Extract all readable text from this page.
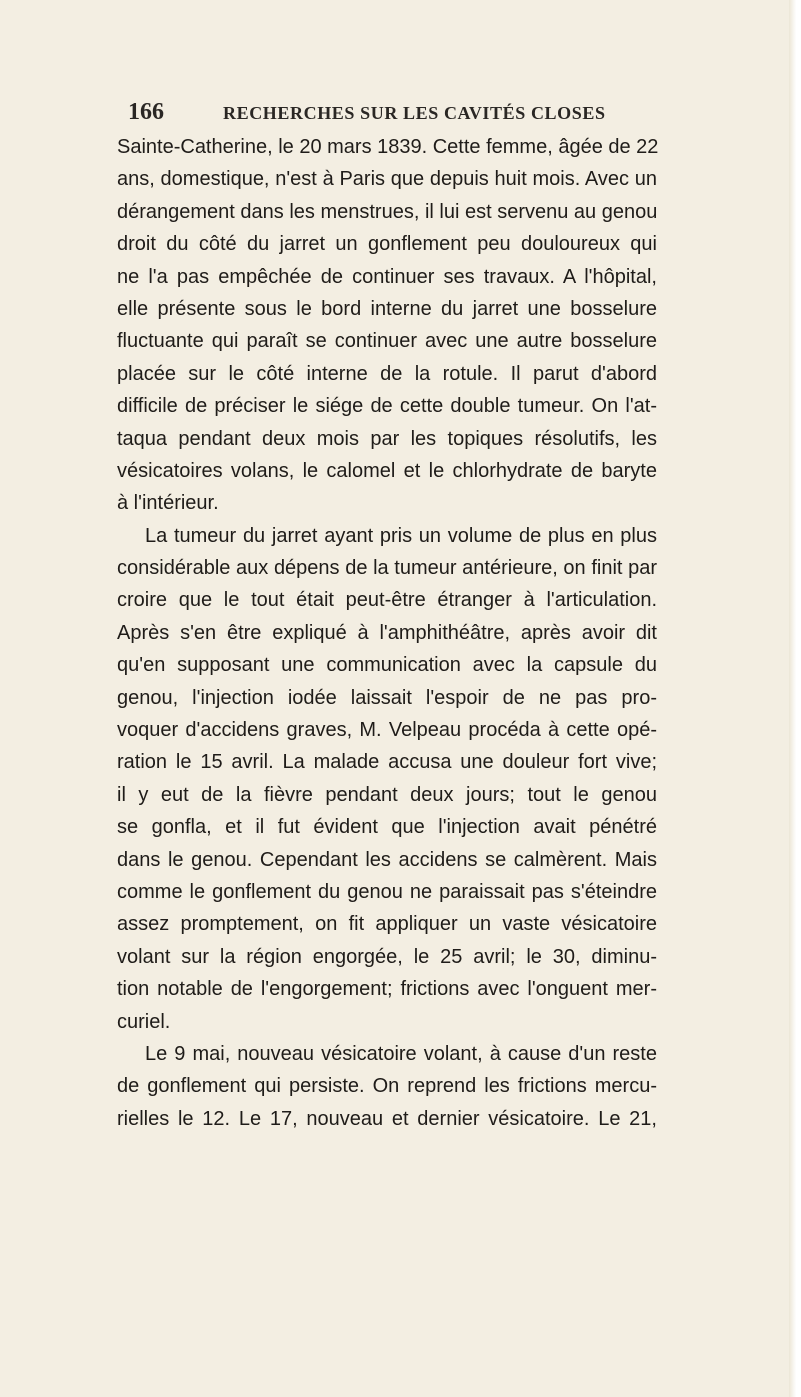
166	RECHERCHES SUR LES CAVITÉS CLOSES
Sainte-Catherine, le 20 mars 1839. Cette femme, âgée de 22
ans, domestique, n'est à Paris que depuis huit mois. Avec un
dérangement dans les menstrues, il lui est servenu au genou
droit du côté du jarret un gonflement peu douloureux qui
ne l'a pas empêchée de continuer ses travaux. A l'hôpital,
elle présente sous le bord interne du jarret une bosselure
fluctuante qui paraît se continuer avec une autre bosselure
placée sur le côté interne de la rotule. Il parut d'abord
difficile de préciser le siége de cette double tumeur. On l'at-
taqua pendant deux mois par les topiques résolutifs, les
vésicatoires volans, le calomel et le chlorhydrate de baryte
à l'intérieur.
La tumeur du jarret ayant pris un volume de plus en plus
considérable aux dépens de la tumeur antérieure, on finit par
croire que le tout était peut-être étranger à l'articulation.
Après s'en être expliqué à l'amphithéâtre, après avoir dit
qu'en supposant une communication avec la capsule du
genou, l'injection iodée laissait l'espoir de ne pas pro-
voquer d'accidens graves, M. Velpeau procéda à cette opé-
ration le 15 avril. La malade accusa une douleur fort vive;
il y eut de la fièvre pendant deux jours; tout le genou
se gonfla, et il fut évident que l'injection avait pénétré
dans le genou. Cependant les accidens se calmèrent. Mais
comme le gonflement du genou ne paraissait pas s'éteindre
assez promptement, on fit appliquer un vaste vésicatoire
volant sur la région engorgée, le 25 avril; le 30, diminu-
tion notable de l'engorgement; frictions avec l'onguent mer-
curiel.
Le 9 mai, nouveau vésicatoire volant, à cause d'un reste
de gonflement qui persiste. On reprend les frictions mercu-
rielles le 12. Le 17, nouveau et dernier vésicatoire. Le 21,
